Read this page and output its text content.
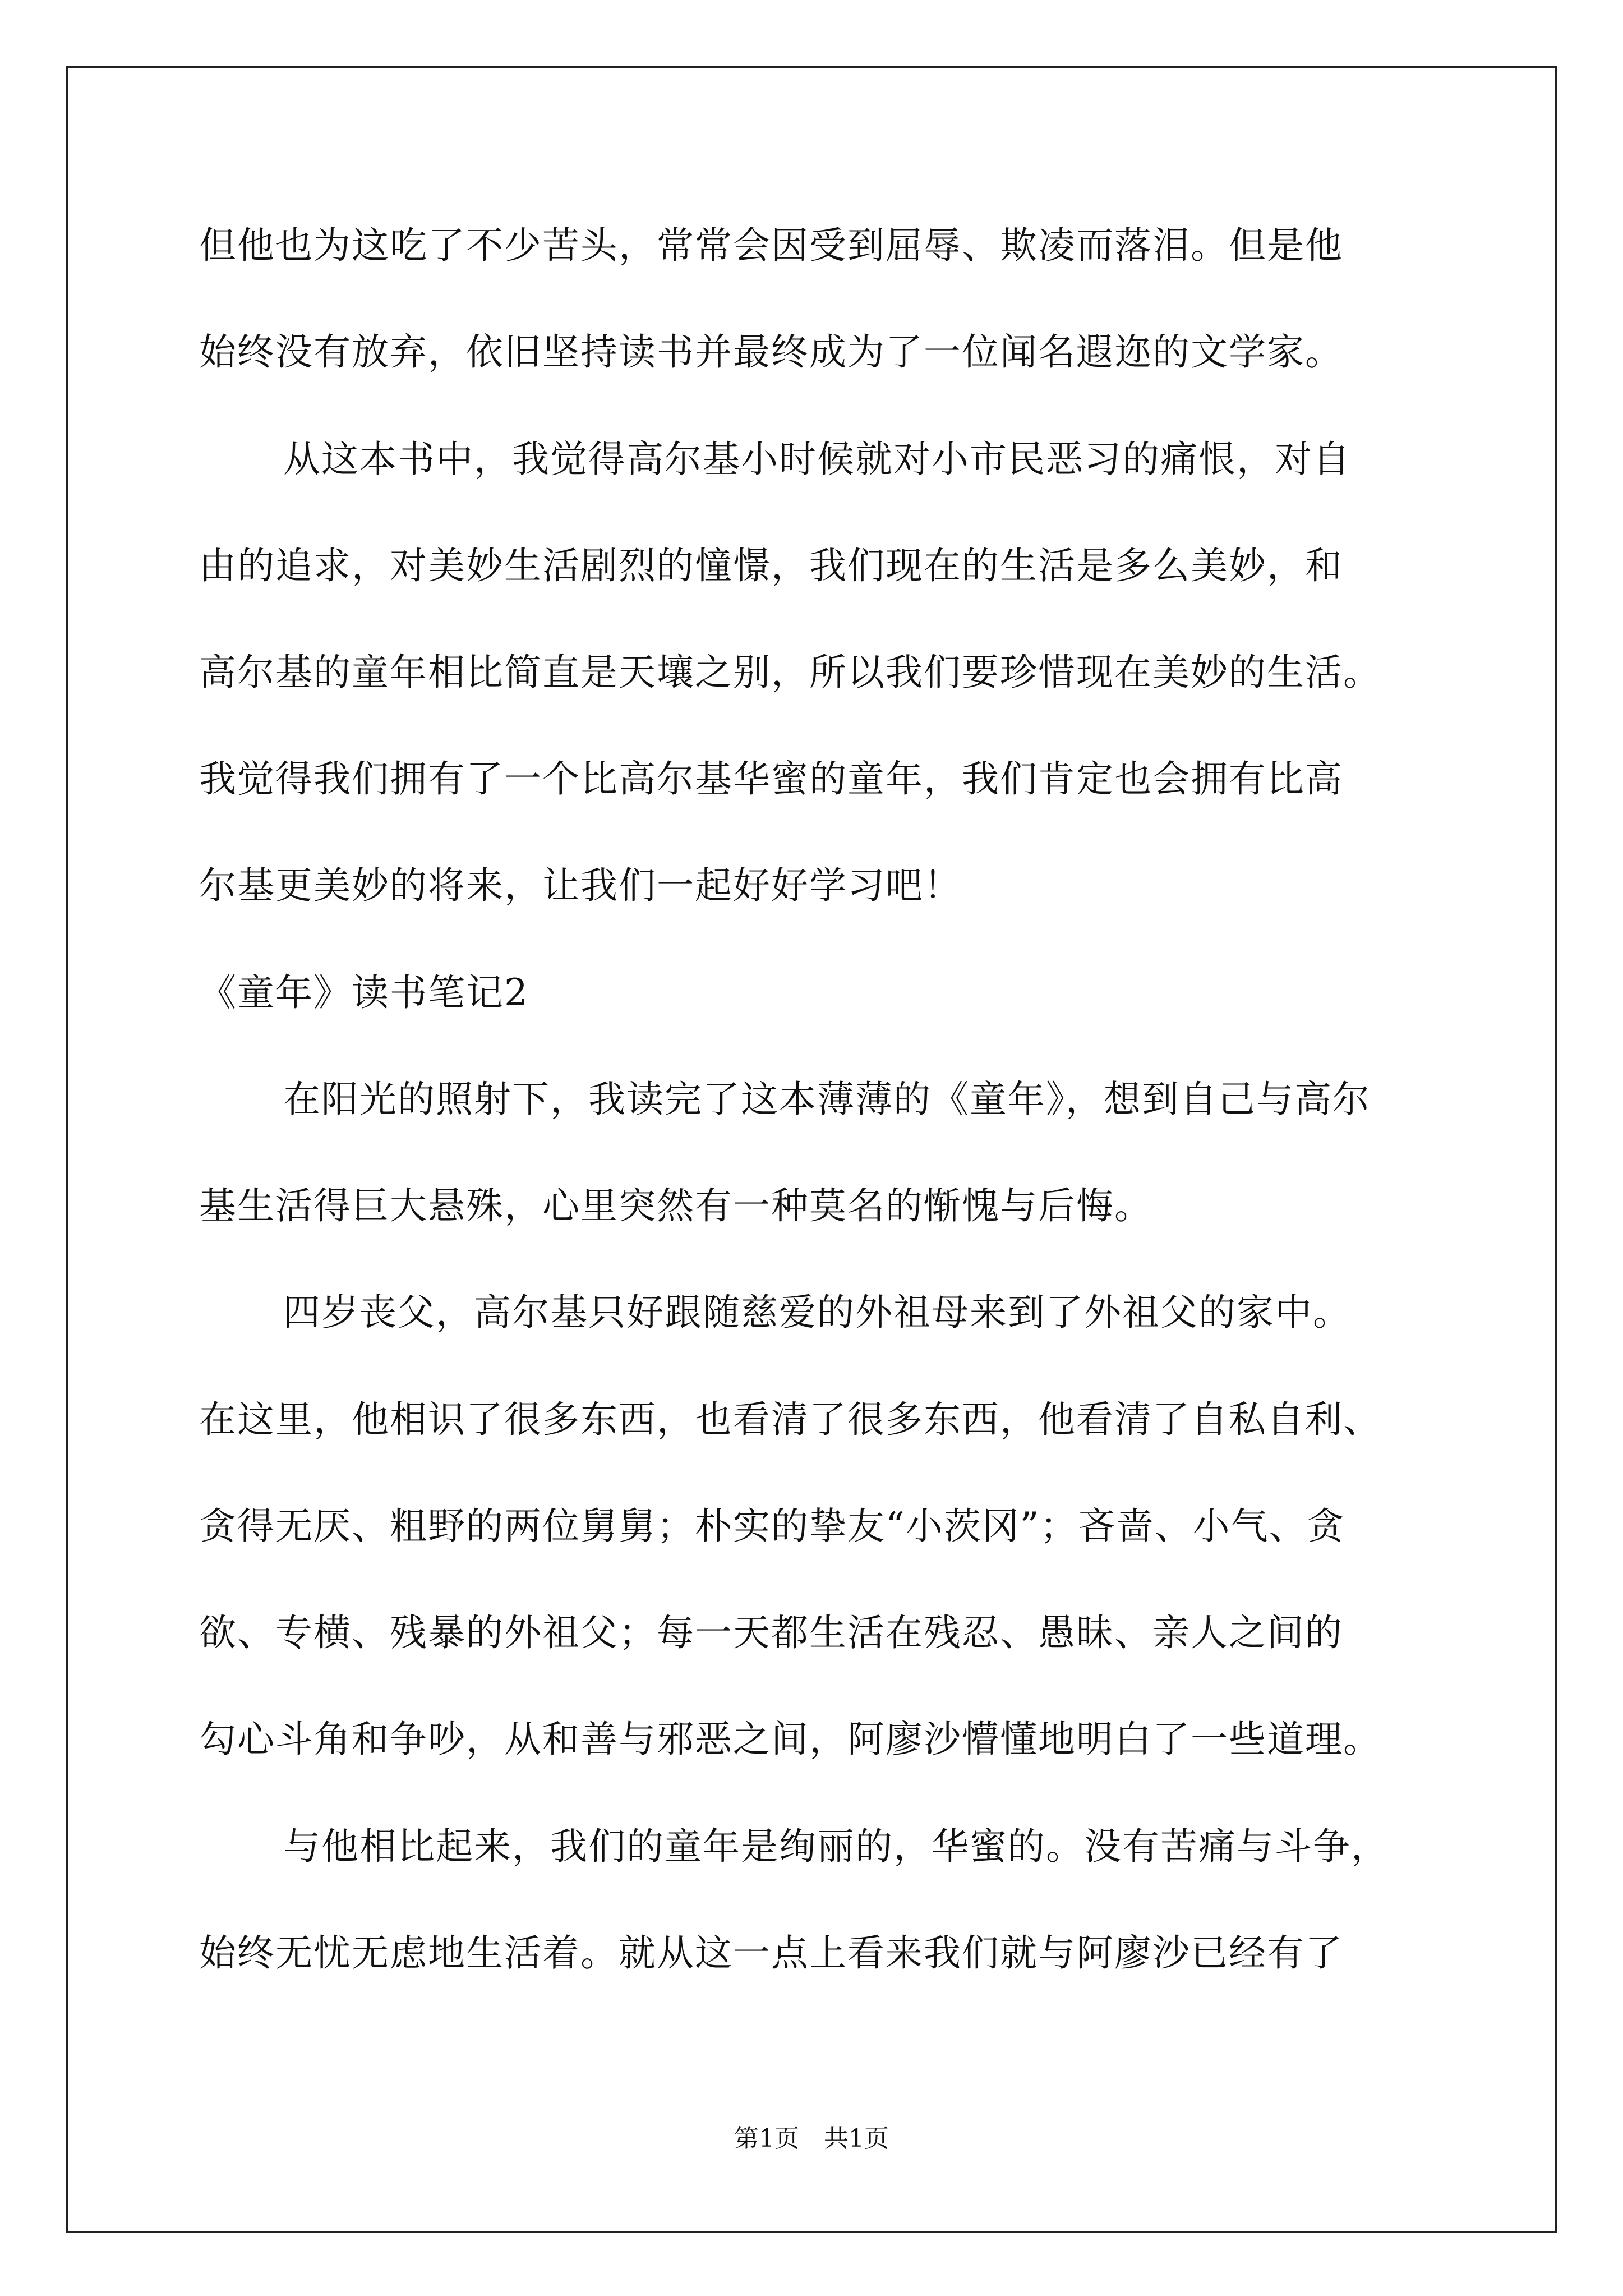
但他也为这吃了不少苦头，常常会因受到屈辱、欺凌而落泪。但是他
始终没有放弃，依旧坚持读书并最终成为了一位闻名遐迩的文学家。
从这本书中，我觉得高尔基小时候就对小市民恶习的痛恨，对自
由的追求，对美妙生活剧烈的憧憬，我们现在的生活是多么美妙，和
高尔基的童年相比简直是天壤之别，所以我们要珍惜现在美妙的生活。
我觉得我们拥有了一个比高尔基华蜜的童年，我们肯定也会拥有比高
尔基更美妙的将来，让我们一起好好学习吧！
《童年》读书笔记2
在阳光的照射下，我读完了这本薄薄的《童年》，想到自己与高尔
基生活得巨大悬殊，心里突然有一种莫名的惭愧与后悔。
四岁丧父，高尔基只好跟随慈爱的外祖母来到了外祖父的家中。
在这里，他相识了很多东西，也看清了很多东西，他看清了自私自利、
贪得无厌、粗野的两位舅舅；朴实的挚友“小茨冈”；吝啬、小气、贪
欲、专横、残暴的外祖父；每一天都生活在残忍、愚昧、亲人之间的
勾心斗角和争吵，从和善与邪恶之间，阿廖沙懵懂地明白了一些道理。
与他相比起来，我们的童年是绚丽的，华蜜的。没有苦痛与斗争，
始终无忧无虑地生活着。就从这一点上看来我们就与阿廖沙已经有了
第1页 共1页
